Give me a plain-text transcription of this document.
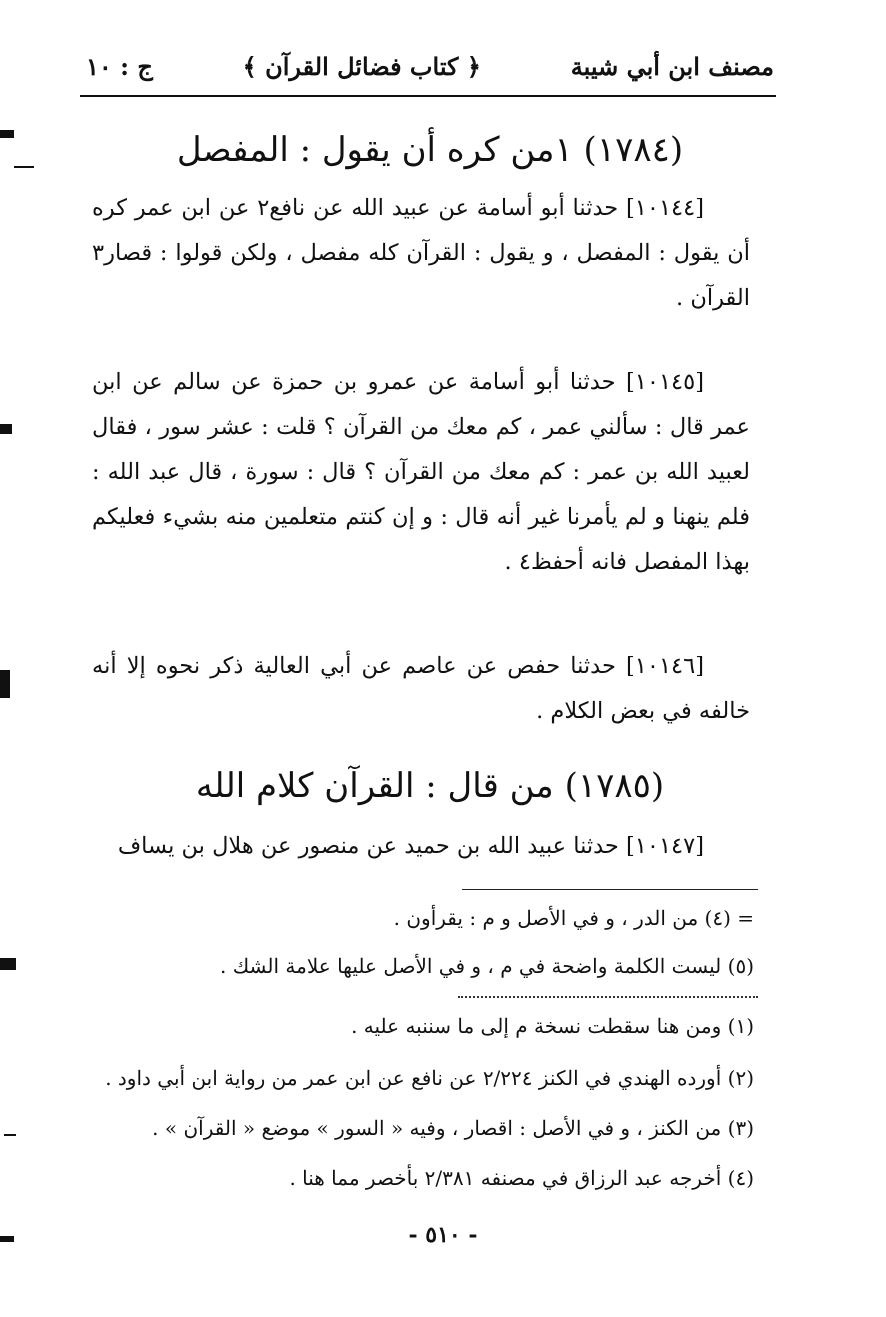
مصنف ابن أبي شيبة
﴿ كتاب فضائل القرآن ﴾
ج : ١٠
(١٧٨٤) ١من كره أن يقول : المفصل
[١٠١٤٤] حدثنا أبو أسامة عن عبيد الله عن نافع٢ عن ابن عمر كره أن يقول : المفصل ، و يقول : القرآن كله مفصل ، ولكن قولوا : قصار٣ القرآن .
[١٠١٤٥] حدثنا أبو أسامة عن عمرو بن حمزة عن سالم عن ابن عمر قال : سألني عمر ، كم معك من القرآن ؟ قلت : عشر سور ، فقال لعبيد الله بن عمر : كم معك من القرآن ؟ قال : سورة ، قال عبد الله : فلم ينهنا و لم يأمرنا غير أنه قال : و إن كنتم متعلمين منه بشيء فعليكم بهذا المفصل فانه أحفظ٤ .
[١٠١٤٦] حدثنا حفص عن عاصم عن أبي العالية ذكر نحوه إلا أنه خالفه في بعض الكلام .
(١٧٨٥) من قال : القرآن كلام الله
[١٠١٤٧] حدثنا عبيد الله بن حميد عن منصور عن هلال بن يساف
= (٤) من الدر ، و في الأصل و م : يقرأون .
(٥) ليست الكلمة واضحة في م ، و في الأصل عليها علامة الشك .
(١) ومن هنا سقطت نسخة م إلى ما سننبه عليه .
(٢) أورده الهندي في الكنز ٢/٢٢٤ عن نافع عن ابن عمر من رواية ابن أبي داود .
(٣) من الكنز ، و في الأصل : اقصار ، وفيه « السور » موضع « القرآن » .
(٤) أخرجه عبد الرزاق في مصنفه ٢/٣٨١ بأخصر مما هنا .
- ٥١٠ -
